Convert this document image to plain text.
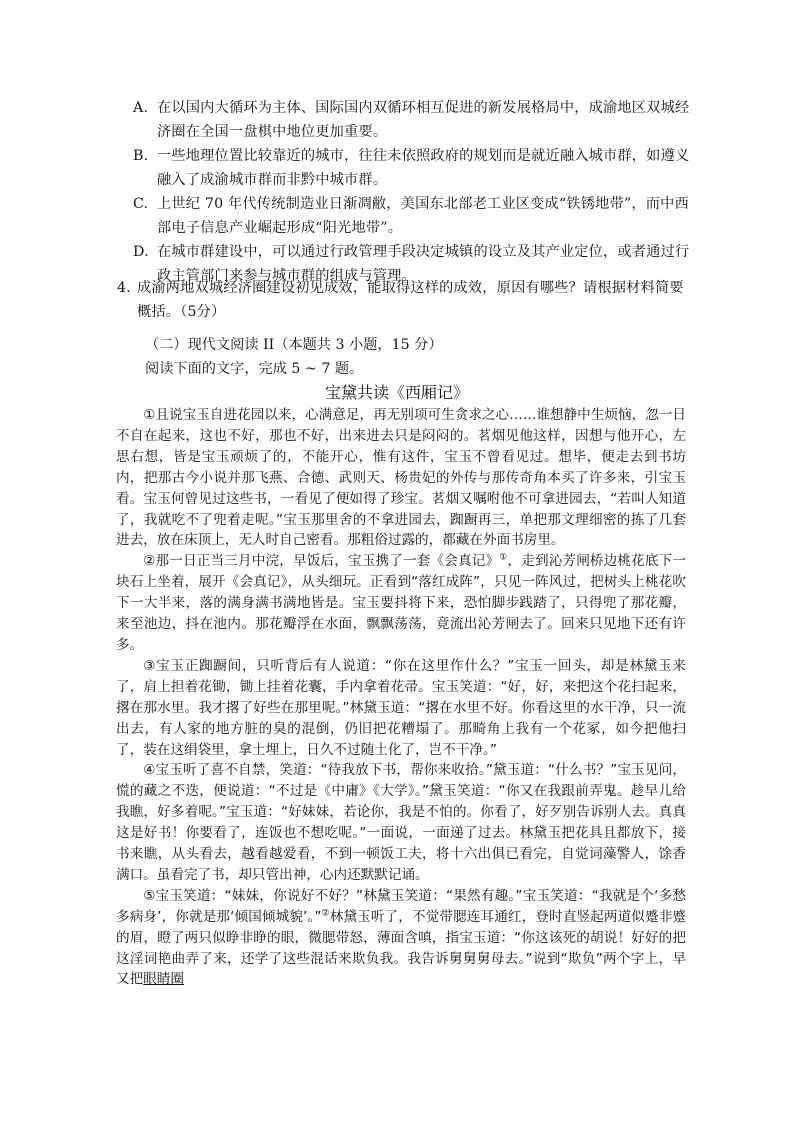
A. 在以国内大循环为主体、国际国内双循环相互促进的新发展格局中，成渝地区双城经济圈在全国一盘棋中地位更加重要。
B. 一些地理位置比较靠近的城市，往往未依照政府的规划而是就近融入城市群，如遵义融入了成渝城市群而非黔中城市群。
C. 上世纪 70 年代传统制造业日渐凋敝，美国东北部老工业区变成“铁锈地带”，而中西部电子信息产业崛起形成“阳光地带”。
D. 在城市群建设中，可以通过行政管理手段决定城镇的设立及其产业定位，或者通过行政主管部门来参与城市群的组成与管理。
4. 成渝两地双城经济圈建设初见成效，能取得这样的成效，原因有哪些？请根据材料简要概括。（5分）
（二）现代文阅读 II（本题共 3 小题，15 分）
阅读下面的文字，完成 5 ~ 7 题。
宝黛共读《西厢记》

①且说宝玉自进花园以来，心满意足，再无别项可生贪求之心……谁想静中生烦恼，忽一日不自在起来，这也不好，那也不好，出来进去只是闷闷的。茗烟见他这样，因想与他开心，左思右想，皆是宝玉顽烦了的，不能开心，惟有这件，宝玉不曾看见过。想毕，便走去到书坊内，把那古今小说并那飞燕、合德、武则天、杨贵妃的外传与那传奇角本买了许多来，引宝玉看。宝玉何曾见过这些书，一看见了便如得了珍宝。茗烟又嘱咐他不可拿进园去，“若叫人知道了，我就吃不了兜着走呢。”宝玉那里舍的不拿进园去，踟蹰再三，单把那文理细密的拣了几套进去，放在床顶上，无人时自己密看。那粗俗过露的，都藏在外面书房里。

②那一日正当三月中浣，早饭后，宝玉携了一套《会真记》①，走到沁芳闸桥边桃花底下一块石上坐着，展开《会真记》，从头细玩。正看到“落红成阵”，只见一阵风过，把树头上桃花吹下一大半来，落的满身满书满地皆是。宝玉要抖将下来，恐怕脚步践踏了，只得兜了那花瓣，来至池边，抖在池内。那花瓣浮在水面，飘飘荡荡，竟流出沁芳闸去了。回来只见地下还有许多。

③宝玉正踟蹰间，只听背后有人说道：“你在这里作什么？”宝玉一回头，却是林黛玉来了，肩上担着花锄，锄上挂着花囊，手内拿着花帚。宝玉笑道：“好，好，来把这个花扫起来，撂在那水里。我才撂了好些在那里呢。”林黛玉道：“撂在水里不好。你看这里的水干净，只一流出去，有人家的地方脏的臭的混倒，仍旧把花糟塌了。那畸角上我有一个花冢，如今把他扫了，装在这绢袋里，拿土埋上，日久不过随土化了，岂不干净。”

④宝玉听了喜不自禁，笑道：“待我放下书，帮你来收拾。”黛玉道：“什么书？”宝玉见问，慌的藏之不迭，便说道：“不过是《中庸》《大学》。”黛玉笑道：“你又在我跟前弄鬼。趁早儿给我瞧，好多着呢。”宝玉道：“好妹妹，若论你，我是不怕的。你看了，好歹别告诉别人去。真真这是好书！你要看了，连饭也不想吃呢。”一面说，一面递了过去。林黛玉把花具且都放下，接书来瞧，从头看去，越看越爱看，不到一顿饭工夫，将十六出俱已看完，自觉词藻警人，馀香满口。虽看完了书，却只管出神，心内还默默记诵。

⑤宝玉笑道：“妹妹，你说好不好？”林黛玉笑道：“果然有趣。”宝玉笑道：“我就是个‘多愁多病身’，你就是那‘倾国倾城貌’。”②林黛玉听了，不觉带腮连耳通红，登时直竖起两道似蹙非蹙的眉，瞪了两只似睁非睁的眼，微腮带怒，薄面含嗔，指宝玉道：“你这该死的胡说！好好的把这淫词艳曲弄了来，还学了这些混话来欺负我。我告诉舅舅舅母去。”说到“欺负”两个字上，早又把眼睛圈
